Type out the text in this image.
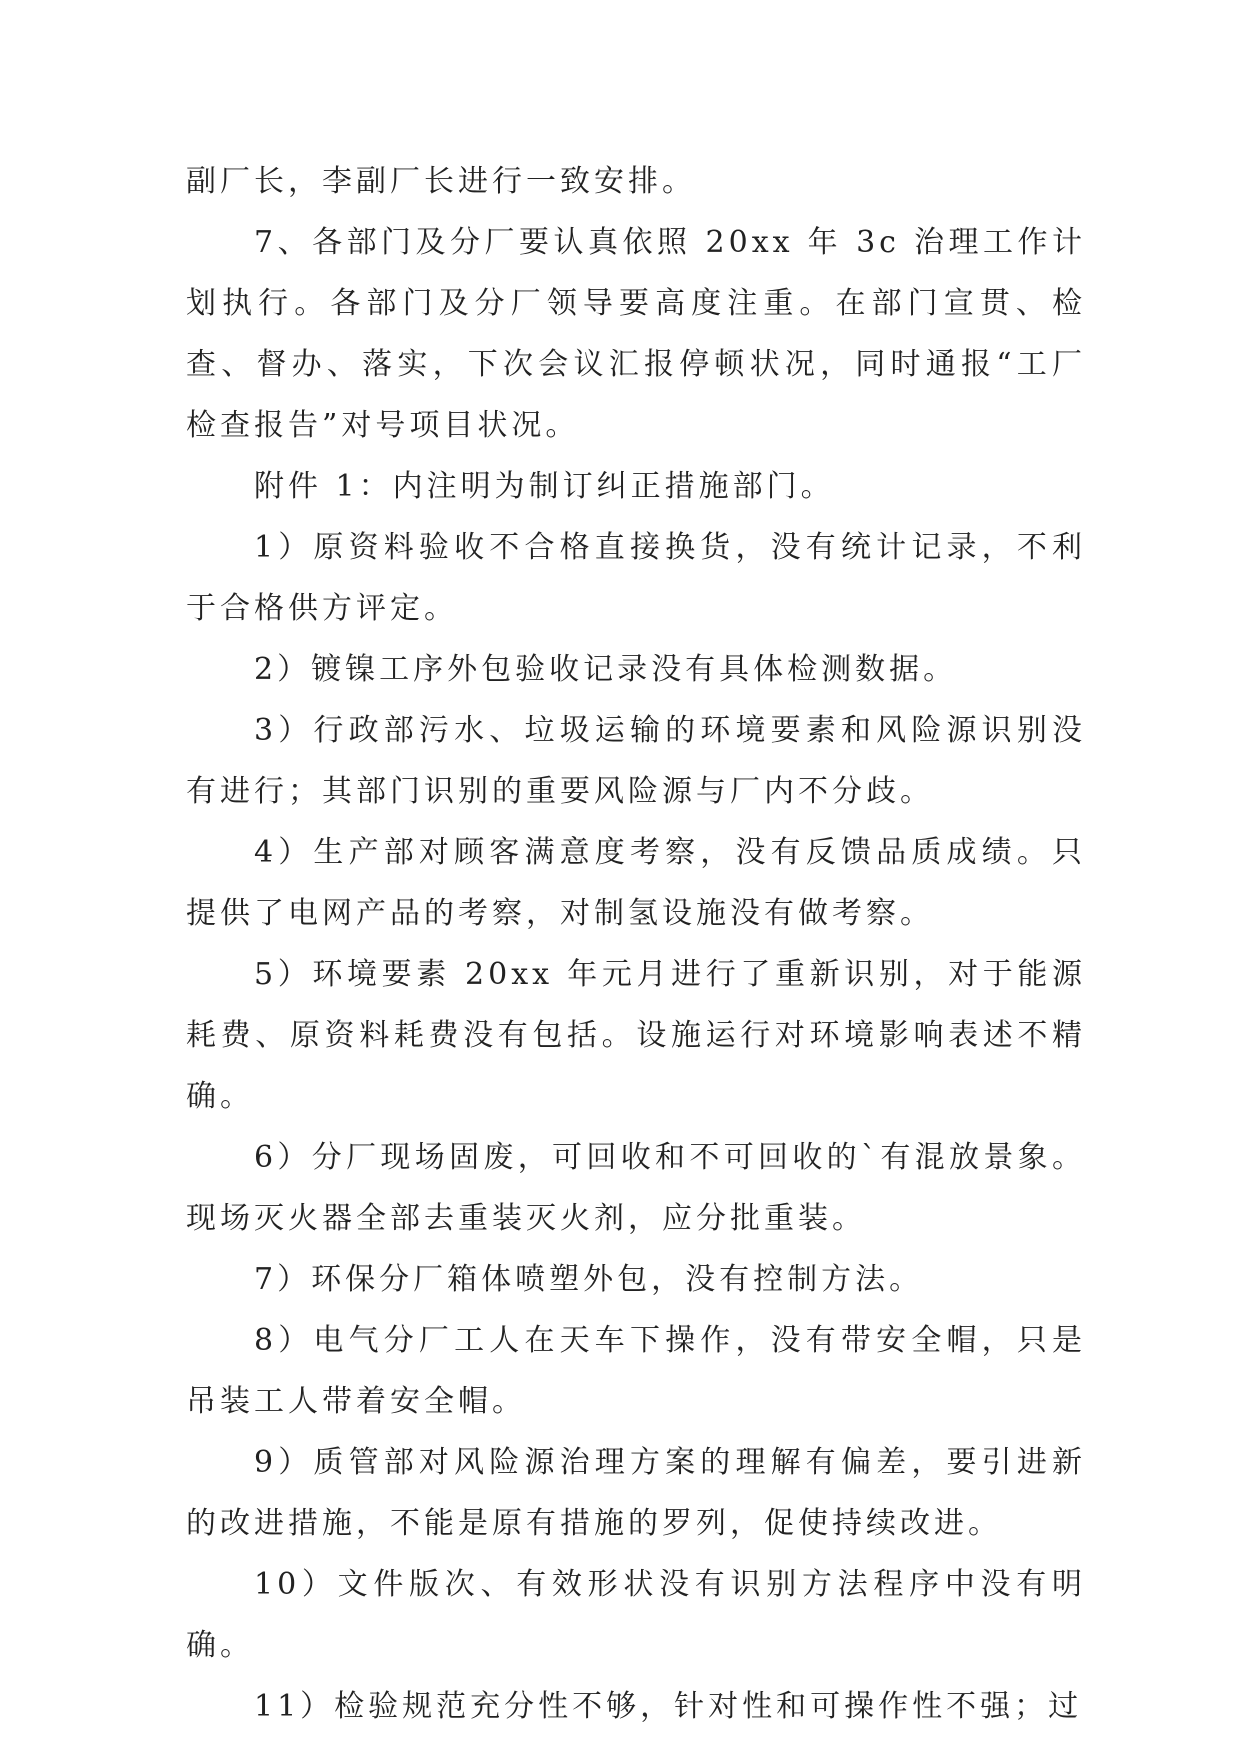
副厂长，李副厂长进行一致安排。

7、各部门及分厂要认真依照 20xx 年 3c 治理工作计划执行。各部门及分厂领导要高度注重。在部门宣贯、检查、督办、落实，下次会议汇报停顿状况，同时通报“工厂检查报告”对号项目状况。

附件 1：内注明为制订纠正措施部门。

1）原资料验收不合格直接换货，没有统计记录，不利于合格供方评定。

2）镀镍工序外包验收记录没有具体检测数据。

3）行政部污水、垃圾运输的环境要素和风险源识别没有进行；其部门识别的重要风险源与厂内不分歧。

4）生产部对顾客满意度考察，没有反馈品质成绩。只提供了电网产品的考察，对制氢设施没有做考察。

5）环境要素 20xx 年元月进行了重新识别，对于能源耗费、原资料耗费没有包括。设施运行对环境影响表述不精确。

6）分厂现场固废，可回收和不可回收的`有混放景象。现场灭火器全部去重装灭火剂，应分批重装。

7）环保分厂箱体喷塑外包，没有控制方法。

8）电气分厂工人在天车下操作，没有带安全帽，只是吊装工人带着安全帽。

9）质管部对风险源治理方案的理解有偏差，要引进新的改进措施，不能是原有措施的罗列，促使持续改进。

10）文件版次、有效形状没有识别方法程序中没有明确。

11）检验规范充分性不够，针对性和可操作性不强；过
